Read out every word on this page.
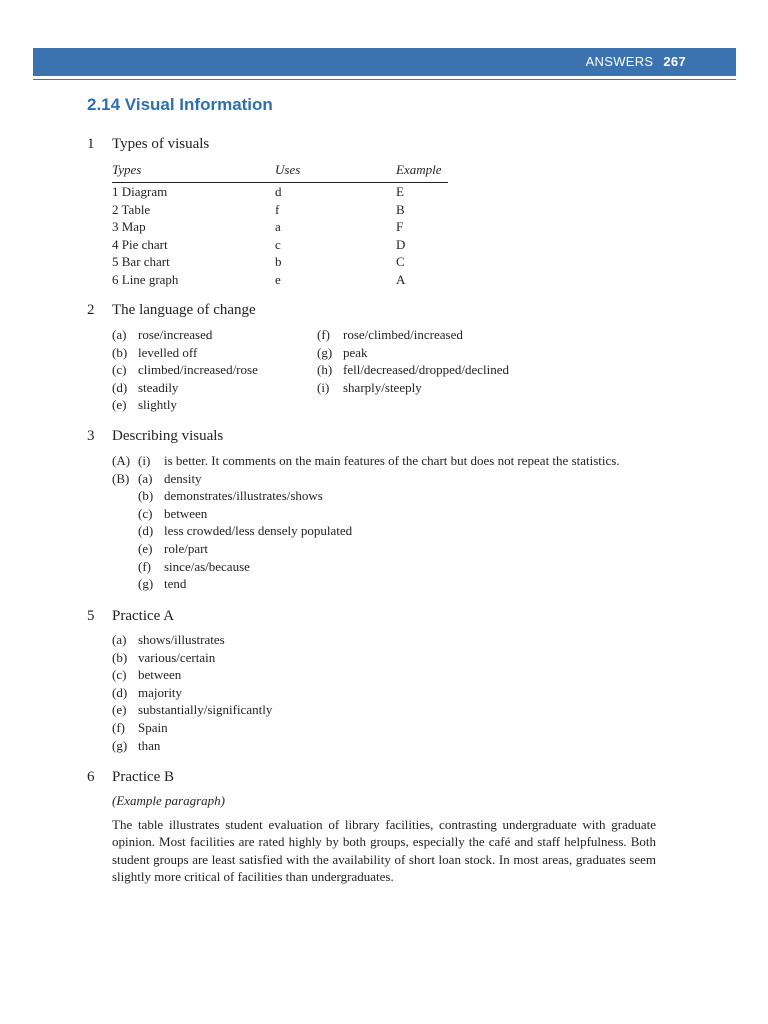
ANSWERS 267
2.14 Visual Information
1 Types of visuals
Types	Uses	Example
1 Diagram	d	E
2 Table	f	B
3 Map	a	F
4 Pie chart	c	D
5 Bar chart	b	C
6 Line graph	e	A
2 The language of change
(a) rose/increased
(b) levelled off
(c) climbed/increased/rose
(d) steadily
(e) slightly
(f) rose/climbed/increased
(g) peak
(h) fell/decreased/dropped/declined
(i) sharply/steeply
3 Describing visuals
(A) (i) is better. It comments on the main features of the chart but does not repeat the statistics.
(B) (a) density
(b) demonstrates/illustrates/shows
(c) between
(d) less crowded/less densely populated
(e) role/part
(f) since/as/because
(g) tend
5 Practice A
(a) shows/illustrates
(b) various/certain
(c) between
(d) majority
(e) substantially/significantly
(f) Spain
(g) than
6 Practice B
(Example paragraph)

The table illustrates student evaluation of library facilities, contrasting undergraduate with graduate opinion. Most facilities are rated highly by both groups, especially the café and staff helpfulness. Both student groups are least satisfied with the availability of short loan stock. In most areas, graduates seem slightly more critical of facilities than undergraduates.
